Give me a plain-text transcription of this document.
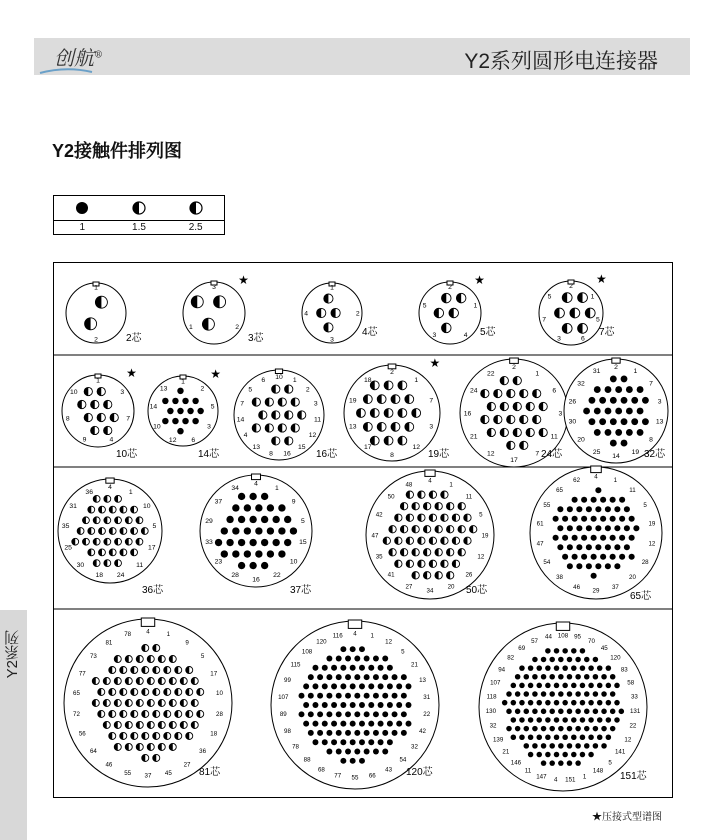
创航®	Y2系列圆形电连接器
Y2接触件排列图
1	1.5	2.5
1
2	2芯
3
2
1
3芯
★
1
2
3
4
4芯
2
1
4
3
5
5芯
★	2
1
5
6
3
7
5
7芯
★
1
3
7
4
9
8
10
10芯
★
1
2
5
3
6
12
10
14
13
14芯
★	10 1
2
3
11
12
15
16
8
13
4
14
7
5
6
16芯
2
1
7
3
12
8
17
13
19
18
19芯
★	2
1
6
3
11
7
17
12
21
16
24
22
24芯
2
1
7
3
13
8
19
14
25
20
30
26
32
31
32芯
4
1
10
5
17
11
24
18
30
25
35
31
36
36芯
4
1
9
5
15
10
22
16
28
23
33
29
37
34
37芯
4
1
11
5
19
12
26
20
34
27
41
35
47
42
50
48
50芯
4	1
11
5
19
12
28
20
37
29
46
38
54
47
61
55
65
62
65芯
4	1
9
5
17
10
28
18
36
27
45
37
55
46
64
56
72
65
77
73
81
78
81芯
4 1
12
5
21
13
31
22
42
32
54
43
66
55
77
68
88
78
98
89
107
99
115
108
120
116
120芯
108 95
70
45
120
83
58
33
131
22
12
141
5
148
1
151
4
147
11
146
21
139
32
130
118
107
94
82
69
57
44
151芯
Y2系列
★压接式型谱图
